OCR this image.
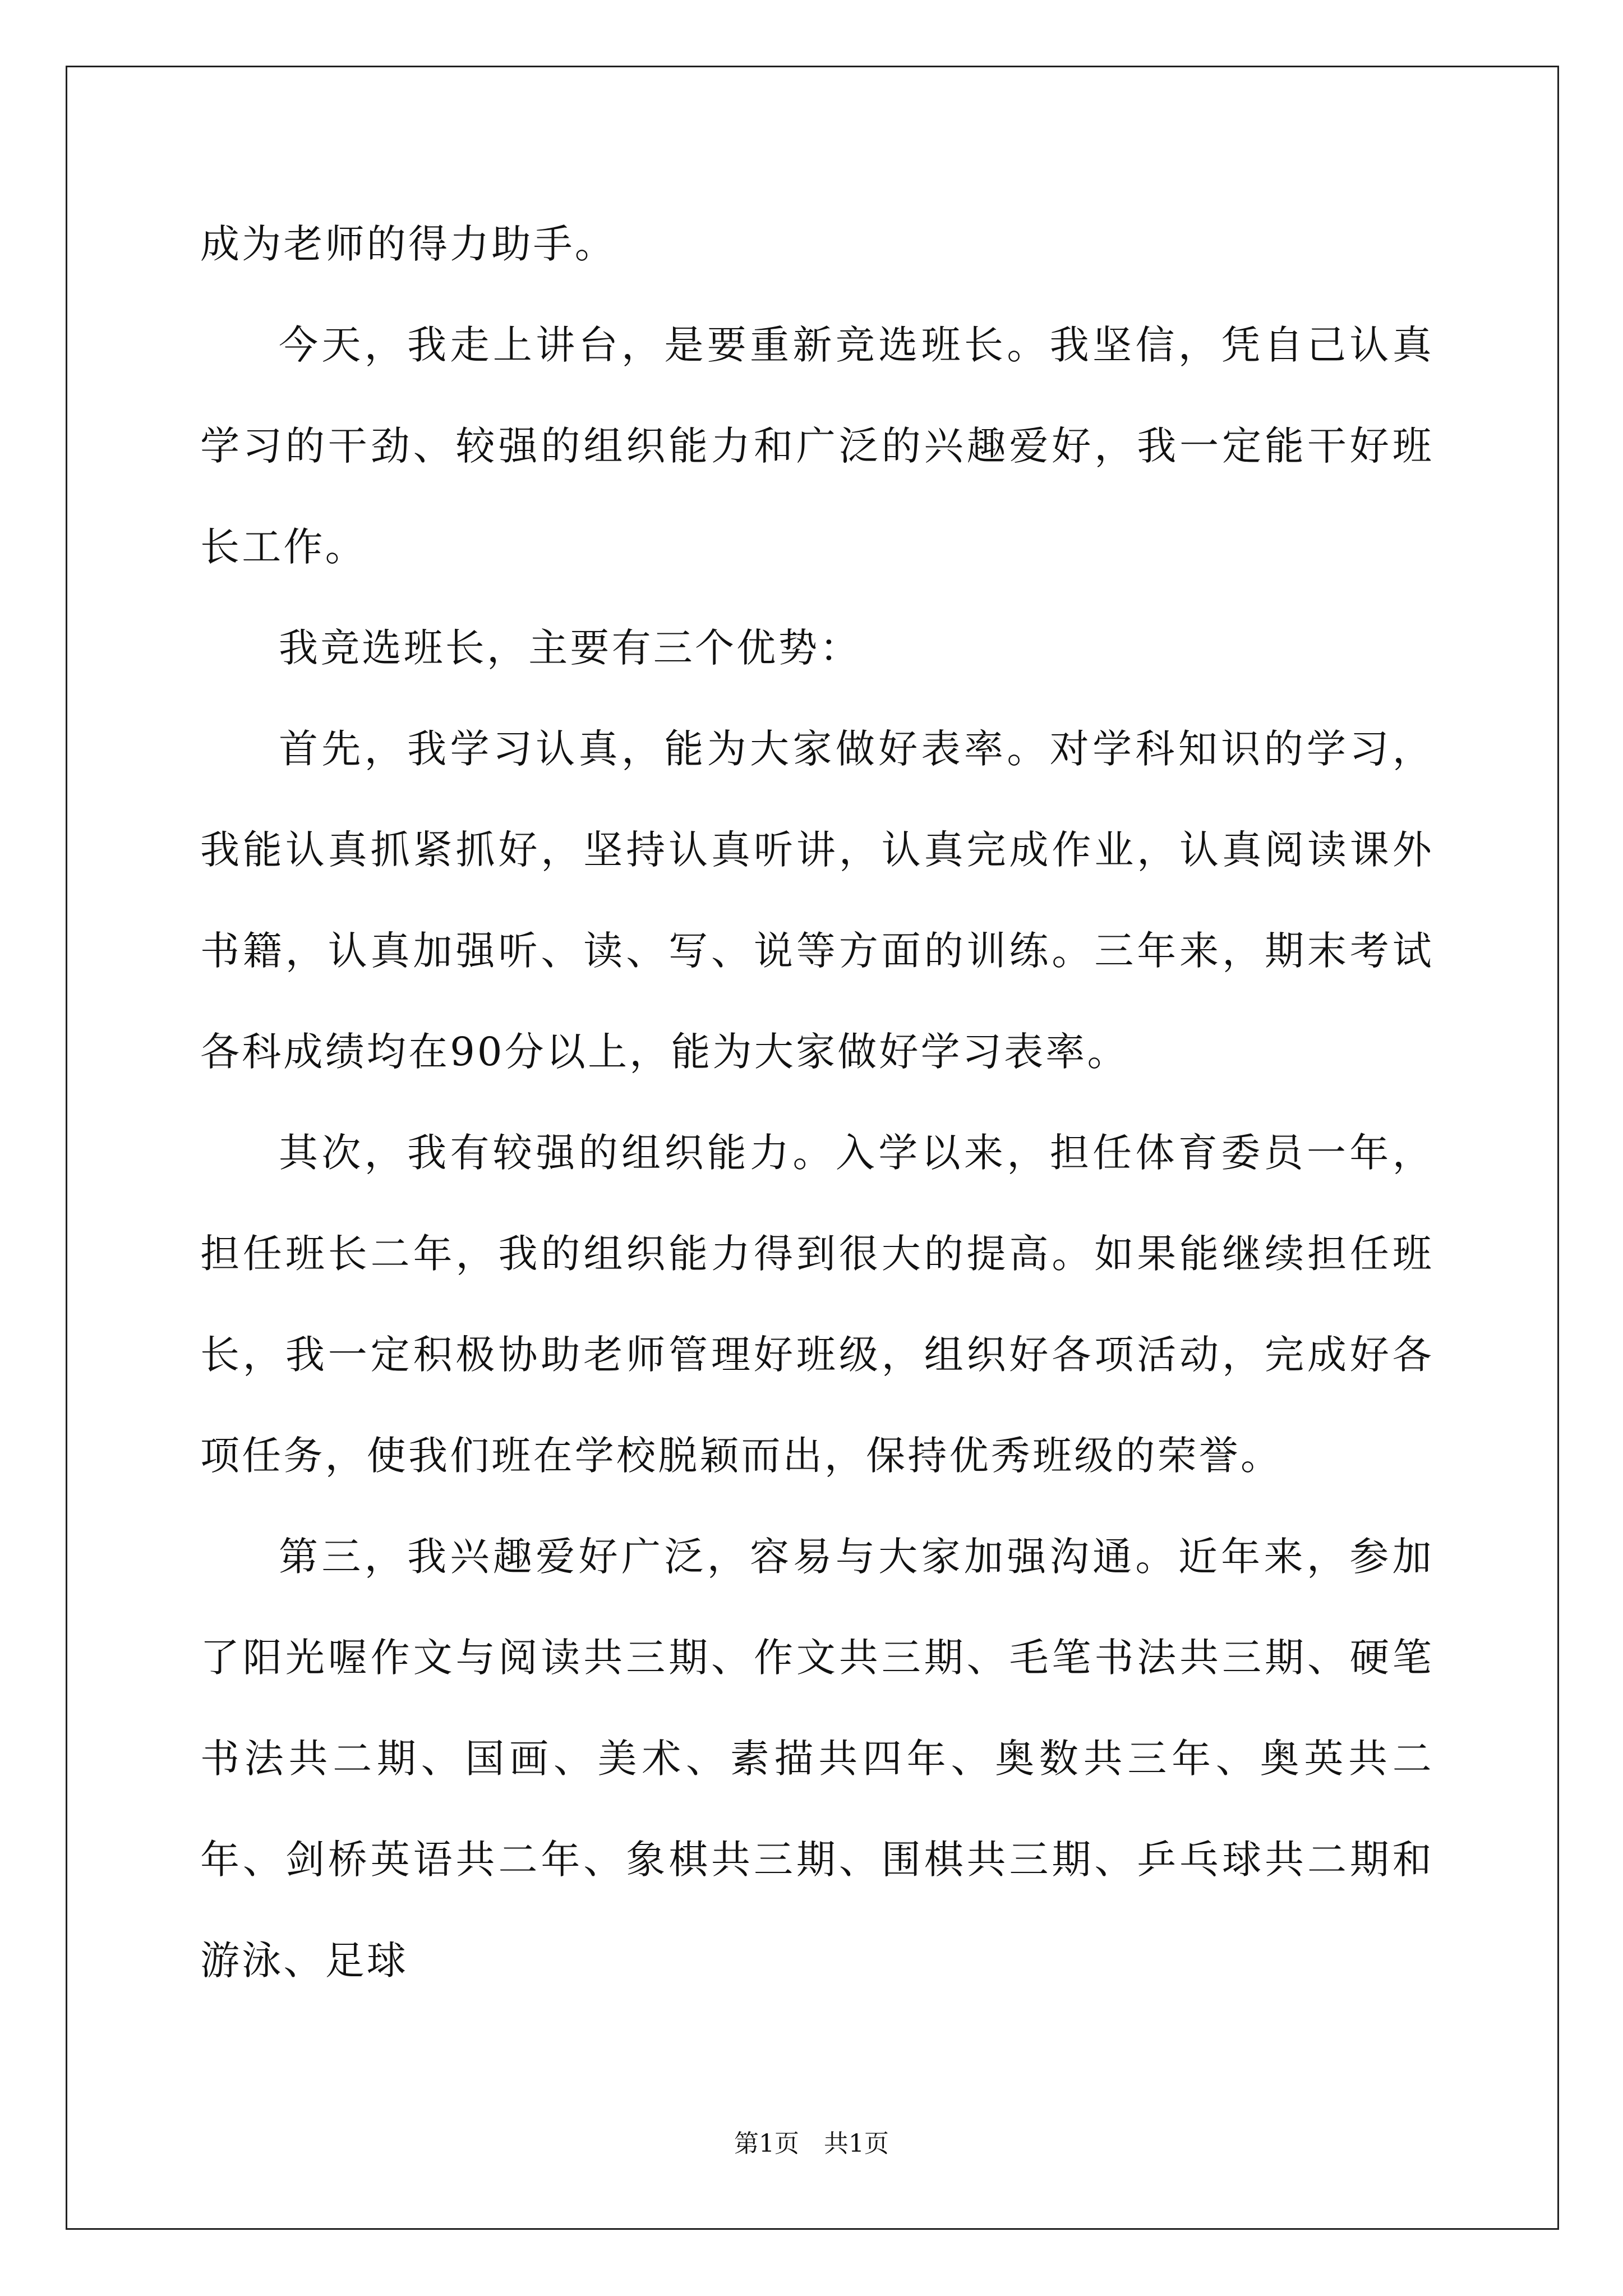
成为老师的得力助手。

今天，我走上讲台，是要重新竞选班长。我坚信，凭自己认真学习的干劲、较强的组织能力和广泛的兴趣爱好，我一定能干好班长工作。

我竞选班长，主要有三个优势：

首先，我学习认真，能为大家做好表率。对学科知识的学习，我能认真抓紧抓好，坚持认真听讲，认真完成作业，认真阅读课外书籍，认真加强听、读、写、说等方面的训练。三年来，期末考试各科成绩均在90分以上，能为大家做好学习表率。

其次，我有较强的组织能力。入学以来，担任体育委员一年，担任班长二年，我的组织能力得到很大的提高。如果能继续担任班长，我一定积极协助老师管理好班级，组织好各项活动，完成好各项任务，使我们班在学校脱颖而出，保持优秀班级的荣誉。

第三，我兴趣爱好广泛，容易与大家加强沟通。近年来，参加了阳光喔作文与阅读共三期、作文共三期、毛笔书法共三期、硬笔书法共二期、国画、美术、素描共四年、奥数共三年、奥英共二年、剑桥英语共二年、象棋共三期、围棋共三期、乒乓球共二期和游泳、足球

第1页　共1页
